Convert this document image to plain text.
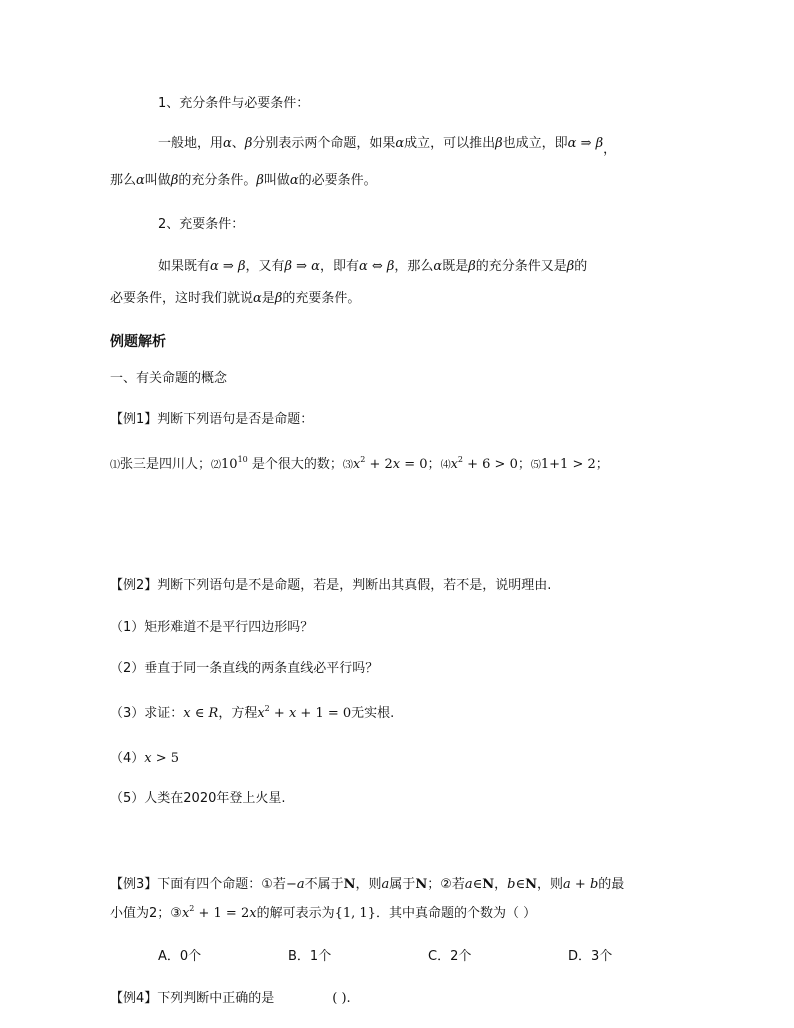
1、充分条件与必要条件：
一般地，用α、β分别表示两个命题，如果α成立，可以推出β也成立，即α ⇒ β，
那么α叫做β的充分条件。β叫做α的必要条件。
2、充要条件：
如果既有α ⇒ β，又有β ⇒ α，即有α ⇔ β，那么α既是β的充分条件又是β的
必要条件，这时我们就说α是β的充要条件。
例题解析
一、有关命题的概念
【例1】判断下列语句是否是命题：
⑴张三是四川人；$⑵10^{10}$ 是个很大的数；$⑶x^2 + 2x = 0$；$⑷x^2 + 6 > 0$；⑸1+1 > 2；
【例2】判断下列语句是不是命题，若是，判断出其真假，若不是，说明理由.
（1）矩形难道不是平行四边形吗？
（2）垂直于同一条直线的两条直线必平行吗？
（3）求证：x ∈ R，方程$x^2 + x + 1 = 0$无实根.
（4）x > 5
（5）人类在2020年登上火星.
【例3】下面有四个命题：①若−a不属于N，则a属于N；②若a∈N，b∈N，则a + b的最
小值为2；$③x^2 + 1 = 2x$的解可表示为{1, 1}．其中真命题的个数为（ ）
A．0个	B．1个	C．2个	D．3个
【例4】下列判断中正确的是	( ).
